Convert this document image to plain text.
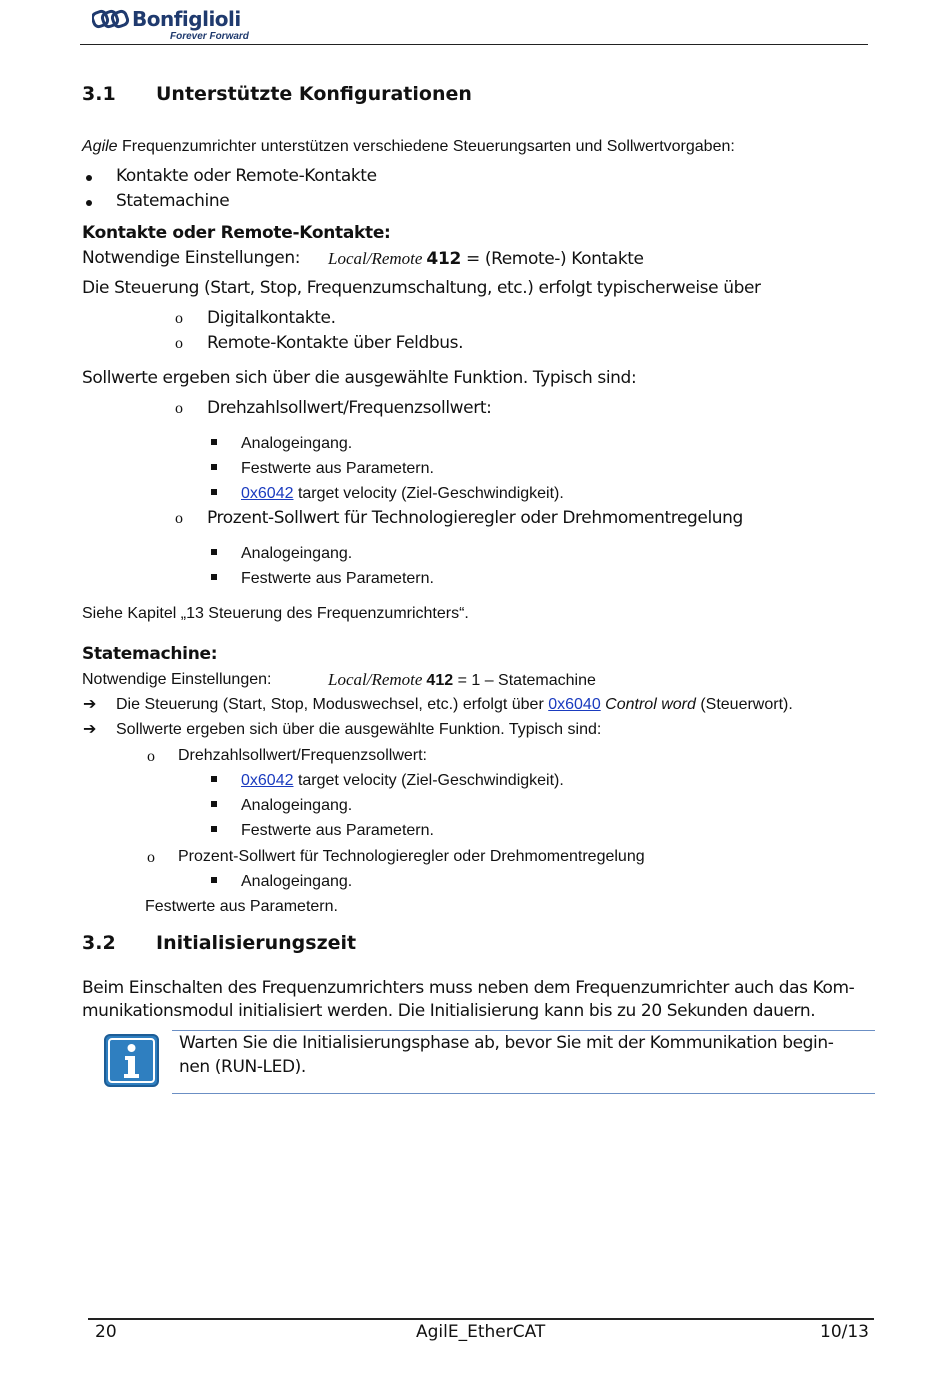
Bonfiglioli
Forever Forward
3.1 Unterstützte Konfigurationen
Agile Frequenzumrichter unterstützen verschiedene Steuerungsarten und Sollwertvorgaben:
Kontakte oder Remote-Kontakte
Statemachine
Kontakte oder Remote-Kontakte:
Notwendige Einstellungen: Local/Remote 412 = (Remote-) Kontakte
Die Steuerung (Start, Stop, Frequenzumschaltung, etc.) erfolgt typischerweise über
o Digitalkontakte.
o Remote-Kontakte über Feldbus.
Sollwerte ergeben sich über die ausgewählte Funktion. Typisch sind:
o Drehzahlsollwert/Frequenzsollwert:
Analogeingang.
Festwerte aus Parametern.
0x6042 target velocity (Ziel-Geschwindigkeit).
o Prozent-Sollwert für Technologieregler oder Drehmomentregelung
Analogeingang.
Festwerte aus Parametern.
Siehe Kapitel „13 Steuerung des Frequenzumrichters“.
Statemachine:
Notwendige Einstellungen:	Local/Remote 412 = 1 – Statemachine
➔ Die Steuerung (Start, Stop, Moduswechsel, etc.) erfolgt über 0x6040 Control word (Steuerwort).
➔ Sollwerte ergeben sich über die ausgewählte Funktion. Typisch sind:
o Drehzahlsollwert/Frequenzsollwert:
0x6042 target velocity (Ziel-Geschwindigkeit).
Analogeingang.
Festwerte aus Parametern.
o Prozent-Sollwert für Technologieregler oder Drehmomentregelung
Analogeingang.
Festwerte aus Parametern.
3.2 Initialisierungszeit
Beim Einschalten des Frequenzumrichters muss neben dem Frequenzumrichter auch das Kom-
munikationsmodul initialisiert werden. Die Initialisierung kann bis zu 20 Sekunden dauern.
Warten Sie die Initialisierungsphase ab, bevor Sie mit der Kommunikation begin-
nen (RUN-LED).
20	AgilE_EtherCAT	10/13
